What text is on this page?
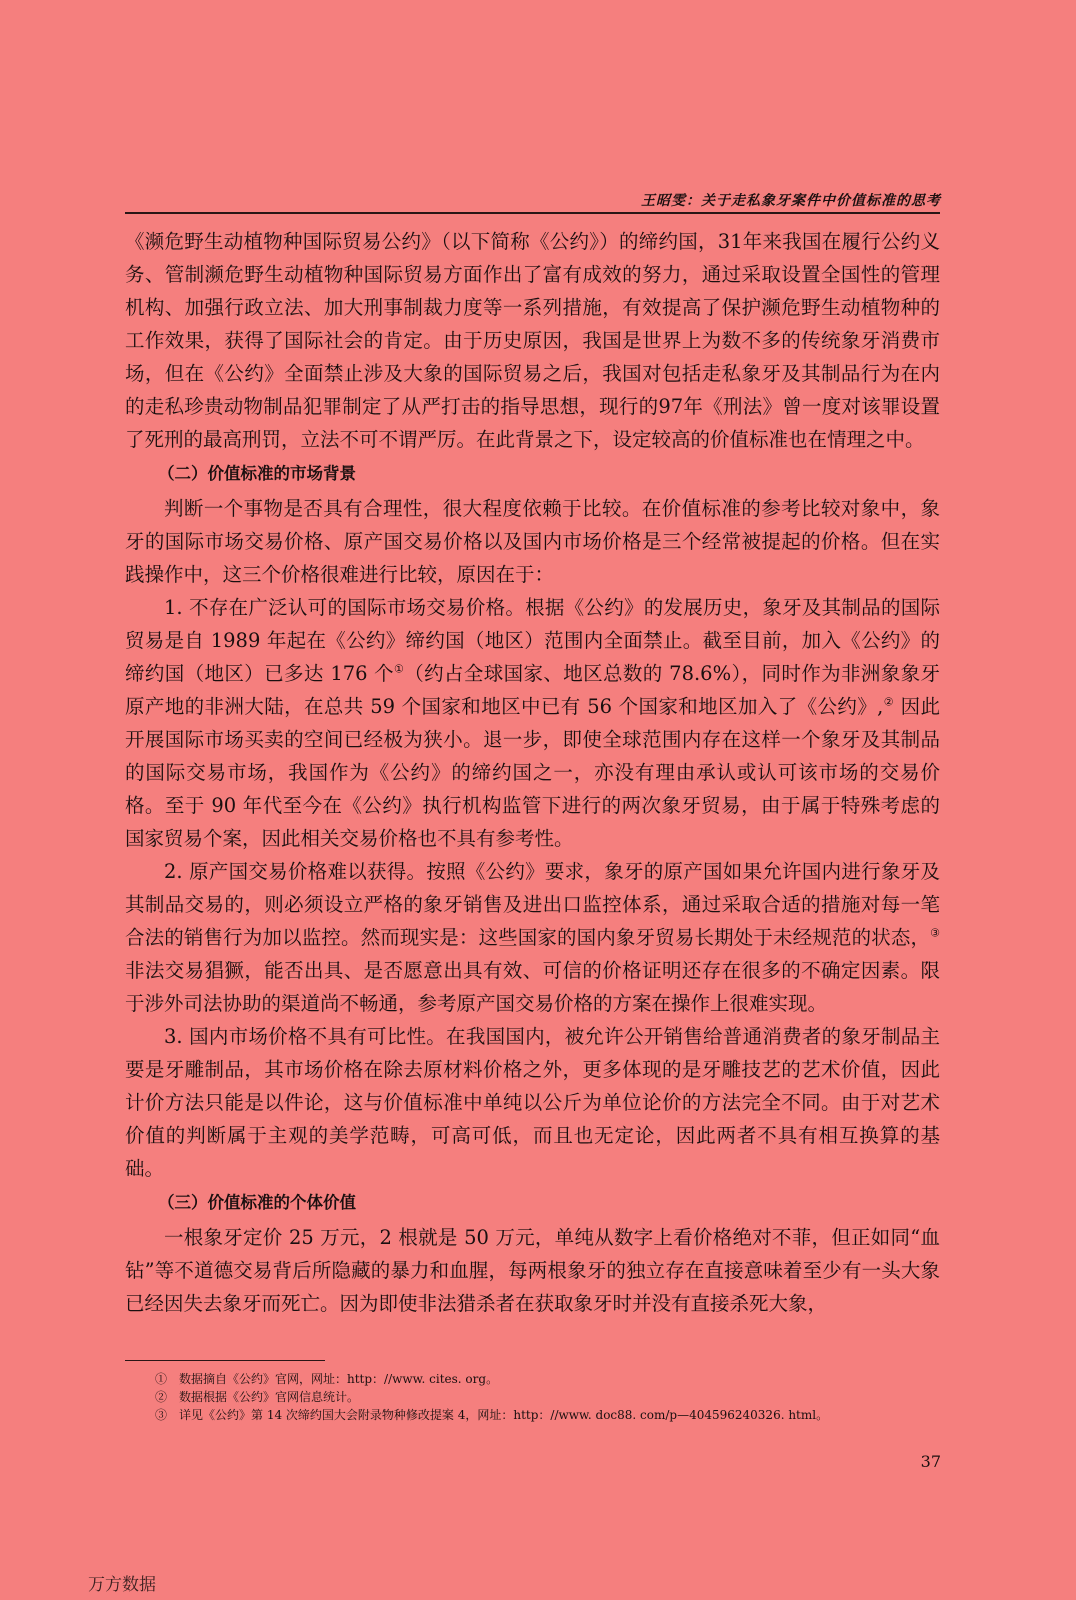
王昭雯：关于走私象牙案件中价值标准的思考

《濒危野生动植物种国际贸易公约》（以下简称《公约》）的缔约国，31年来我国在履行公约义务、管制濒危野生动植物种国际贸易方面作出了富有成效的努力，通过采取设置全国性的管理机构、加强行政立法、加大刑事制裁力度等一系列措施，有效提高了保护濒危野生动植物种的工作效果，获得了国际社会的肯定。由于历史原因，我国是世界上为数不多的传统象牙消费市场，但在《公约》全面禁止涉及大象的国际贸易之后，我国对包括走私象牙及其制品行为在内的走私珍贵动物制品犯罪制定了从严打击的指导思想，现行的97年《刑法》曾一度对该罪设置了死刑的最高刑罚，立法不可不谓严厉。在此背景之下，设定较高的价值标准也在情理之中。

（二）价值标准的市场背景

判断一个事物是否具有合理性，很大程度依赖于比较。在价值标准的参考比较对象中，象牙的国际市场交易价格、原产国交易价格以及国内市场价格是三个经常被提起的价格。但在实践操作中，这三个价格很难进行比较，原因在于：

1. 不存在广泛认可的国际市场交易价格。根据《公约》的发展历史，象牙及其制品的国际贸易是自 1989 年起在《公约》缔约国（地区）范围内全面禁止。截至目前，加入《公约》的缔约国（地区）已多达 176 个①（约占全球国家、地区总数的 78.6%），同时作为非洲象象牙原产地的非洲大陆，在总共 59 个国家和地区中已有 56 个国家和地区加入了《公约》,② 因此开展国际市场买卖的空间已经极为狭小。退一步，即使全球范围内存在这样一个象牙及其制品的国际交易市场，我国作为《公约》的缔约国之一，亦没有理由承认或认可该市场的交易价格。至于 90 年代至今在《公约》执行机构监管下进行的两次象牙贸易，由于属于特殊考虑的国家贸易个案，因此相关交易价格也不具有参考性。

2. 原产国交易价格难以获得。按照《公约》要求，象牙的原产国如果允许国内进行象牙及其制品交易的，则必须设立严格的象牙销售及进出口监控体系，通过采取合适的措施对每一笔合法的销售行为加以监控。然而现实是：这些国家的国内象牙贸易长期处于未经规范的状态，③非法交易猖獗，能否出具、是否愿意出具有效、可信的价格证明还存在很多的不确定因素。限于涉外司法协助的渠道尚不畅通，参考原产国交易价格的方案在操作上很难实现。

3. 国内市场价格不具有可比性。在我国国内，被允许公开销售给普通消费者的象牙制品主要是牙雕制品，其市场价格在除去原材料价格之外，更多体现的是牙雕技艺的艺术价值，因此计价方法只能是以件论，这与价值标准中单纯以公斤为单位论价的方法完全不同。由于对艺术价值的判断属于主观的美学范畴，可高可低，而且也无定论，因此两者不具有相互换算的基础。

（三）价值标准的个体价值

一根象牙定价 25 万元，2 根就是 50 万元，单纯从数字上看价格绝对不菲，但正如同“血钻”等不道德交易背后所隐藏的暴力和血腥，每两根象牙的独立存在直接意味着至少有一头大象已经因失去象牙而死亡。因为即使非法猎杀者在获取象牙时并没有直接杀死大象，

①　数据摘自《公约》官网，网址：http：//www. cites. org。
②　数据根据《公约》官网信息统计。
③　详见《公约》第 14 次缔约国大会附录物种修改提案 4，网址：http：//www. doc88. com/p—404596240326. html。
37
万方数据
